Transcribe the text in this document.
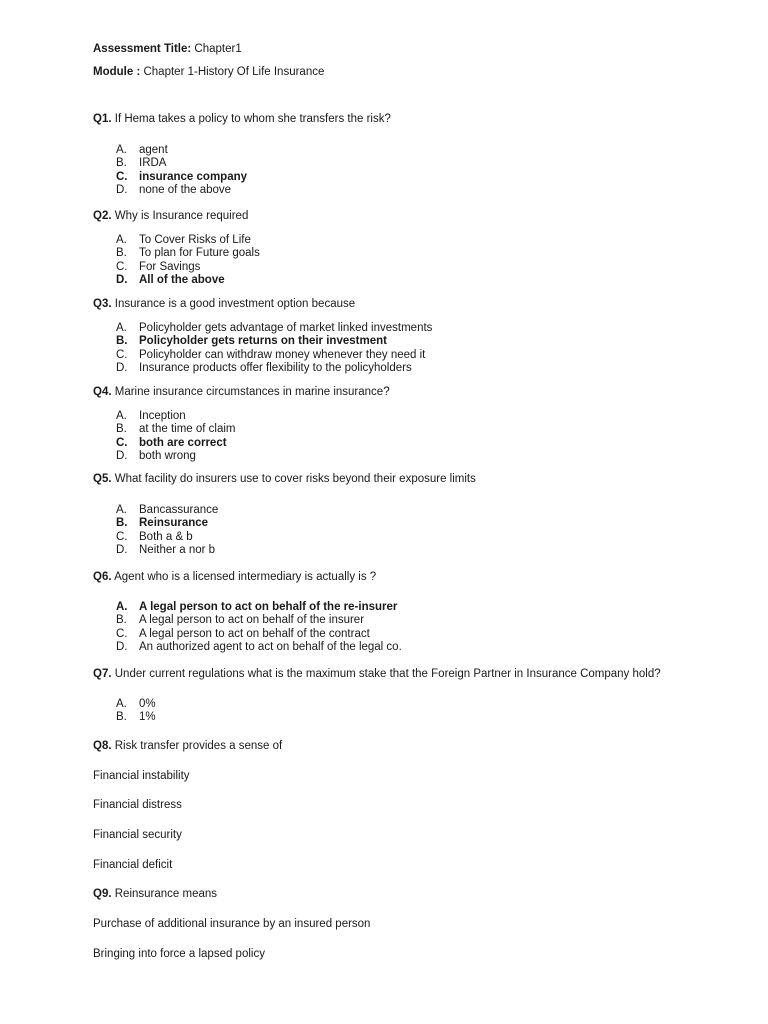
Assessment Title: Chapter1
Module : Chapter 1-History Of Life Insurance
Q1. If Hema takes a policy to whom she transfers the risk?
A. agent
B. IRDA
C. insurance company
D. none of the above
Q2. Why is Insurance required
A. To Cover Risks of Life
B. To plan for Future goals
C. For Savings
D. All of the above
Q3. Insurance is a good investment option because
A. Policyholder gets advantage of market linked investments
B. Policyholder gets returns on their investment
C. Policyholder can withdraw money whenever they need it
D. Insurance products offer flexibility to the policyholders
Q4. Marine insurance circumstances in marine insurance?
A. Inception
B. at the time of claim
C. both are correct
D. both wrong
Q5. What facility do insurers use to cover risks beyond their exposure limits
A. Bancassurance
B. Reinsurance
C. Both a & b
D. Neither a nor b
Q6. Agent who is a licensed intermediary is actually is ?
A. A legal person to act on behalf of the re-insurer
B. A legal person to act on behalf of the insurer
C. A legal person to act on behalf of the contract
D. An authorized agent to act on behalf of the legal co.
Q7. Under current regulations what is the maximum stake that the Foreign Partner in Insurance Company hold?
A. 0%
B. 1%
Q8. Risk transfer provides a sense of
Financial instability
Financial distress
Financial security
Financial deficit
Q9. Reinsurance means
Purchase of additional insurance by an insured person
Bringing into force a lapsed policy
